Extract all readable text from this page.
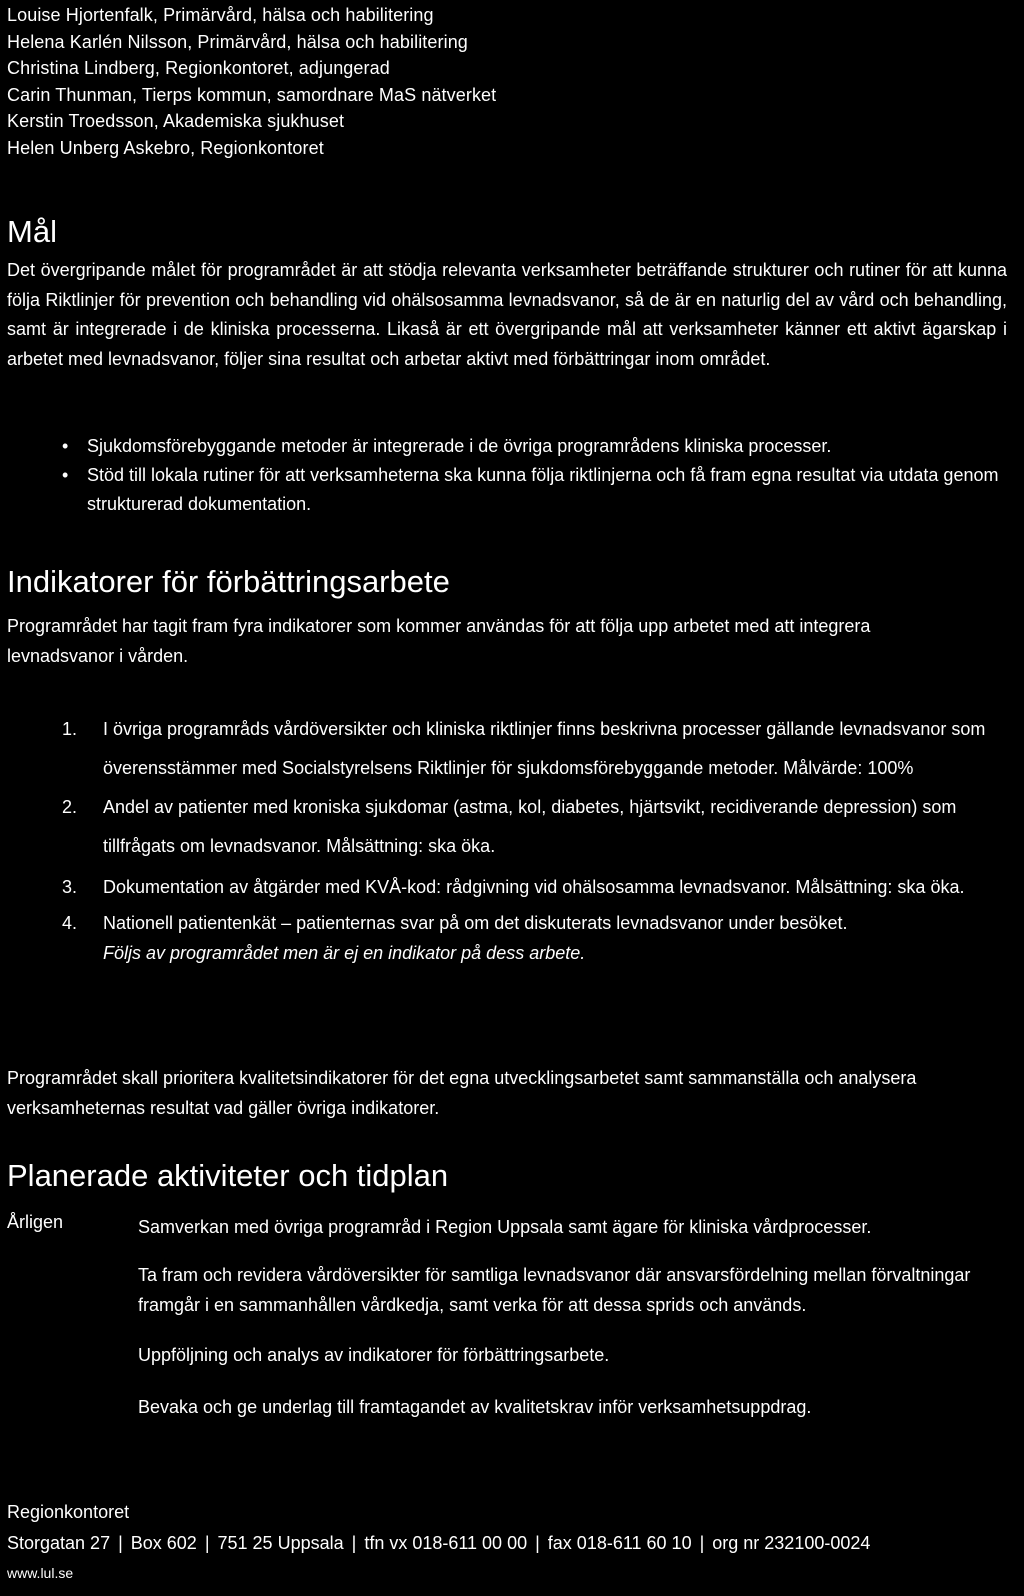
Louise Hjortenfalk, Primärvård, hälsa och habilitering
Helena Karlén Nilsson, Primärvård, hälsa och habilitering
Christina Lindberg, Regionkontoret, adjungerad
Carin Thunman, Tierps kommun, samordnare MaS nätverket
Kerstin Troedsson, Akademiska sjukhuset
Helen Unberg Askebro, Regionkontoret
Mål

Det övergripande målet för programrådet är att stödja relevanta verksamheter beträffande strukturer och rutiner för att kunna följa Riktlinjer för prevention och behandling vid ohälsosamma levnadsvanor, så de är en naturlig del av vård och behandling, samt är integrerade i de kliniska processerna. Likaså är ett övergripande mål att verksamheter känner ett aktivt ägarskap i arbetet med levnadsvanor, följer sina resultat och arbetar aktivt med förbättringar inom området.

• Sjukdomsförebyggande metoder är integrerade i de övriga programrådens kliniska processer.
• Stöd till lokala rutiner för att verksamheterna ska kunna följa riktlinjerna och få fram egna resultat via utdata genom strukturerad dokumentation.
Indikatorer för förbättringsarbete

Programrådet har tagit fram fyra indikatorer som kommer användas för att följa upp arbetet med att integrera levnadsvanor i vården.

1. I övriga programråds vårdöversikter och kliniska riktlinjer finns beskrivna processer gällande levnadsvanor som överensstämmer med Socialstyrelsens Riktlinjer för sjukdomsförebyggande metoder. Målvärde: 100%
2. Andel av patienter med kroniska sjukdomar (astma, kol, diabetes, hjärtsvikt, recidiverande depression) som tillfrågats om levnadsvanor. Målsättning: ska öka.
3. Dokumentation av åtgärder med KVÅ-kod: rådgivning vid ohälsosamma levnadsvanor. Målsättning: ska öka.
4. Nationell patientenkät – patienternas svar på om det diskuterats levnadsvanor under besöket.
Följs av programrådet men är ej en indikator på dess arbete.

Programrådet skall prioritera kvalitetsindikatorer för det egna utvecklingsarbetet samt sammanställa och analysera verksamheternas resultat vad gäller övriga indikatorer.

Planerade aktiviteter och tidplan
Årligen	Samverkan med övriga programråd i Region Uppsala samt ägare för kliniska vårdprocesser.

Ta fram och revidera vårdöversikter för samtliga levnadsvanor där ansvarsfördelning mellan förvaltningar framgår i en sammanhållen vårdkedja, samt verka för att dessa sprids och används.

Uppföljning och analys av indikatorer för förbättringsarbete.

Bevaka och ge underlag till framtagandet av kvalitetskrav inför verksamhetsuppdrag.

Regionkontoret
Storgatan 27 | Box 602 | 751 25 Uppsala | tfn vx 018-611 00 00 | fax 018-611 60 10 | org nr 232100-0024
www.lul.se
